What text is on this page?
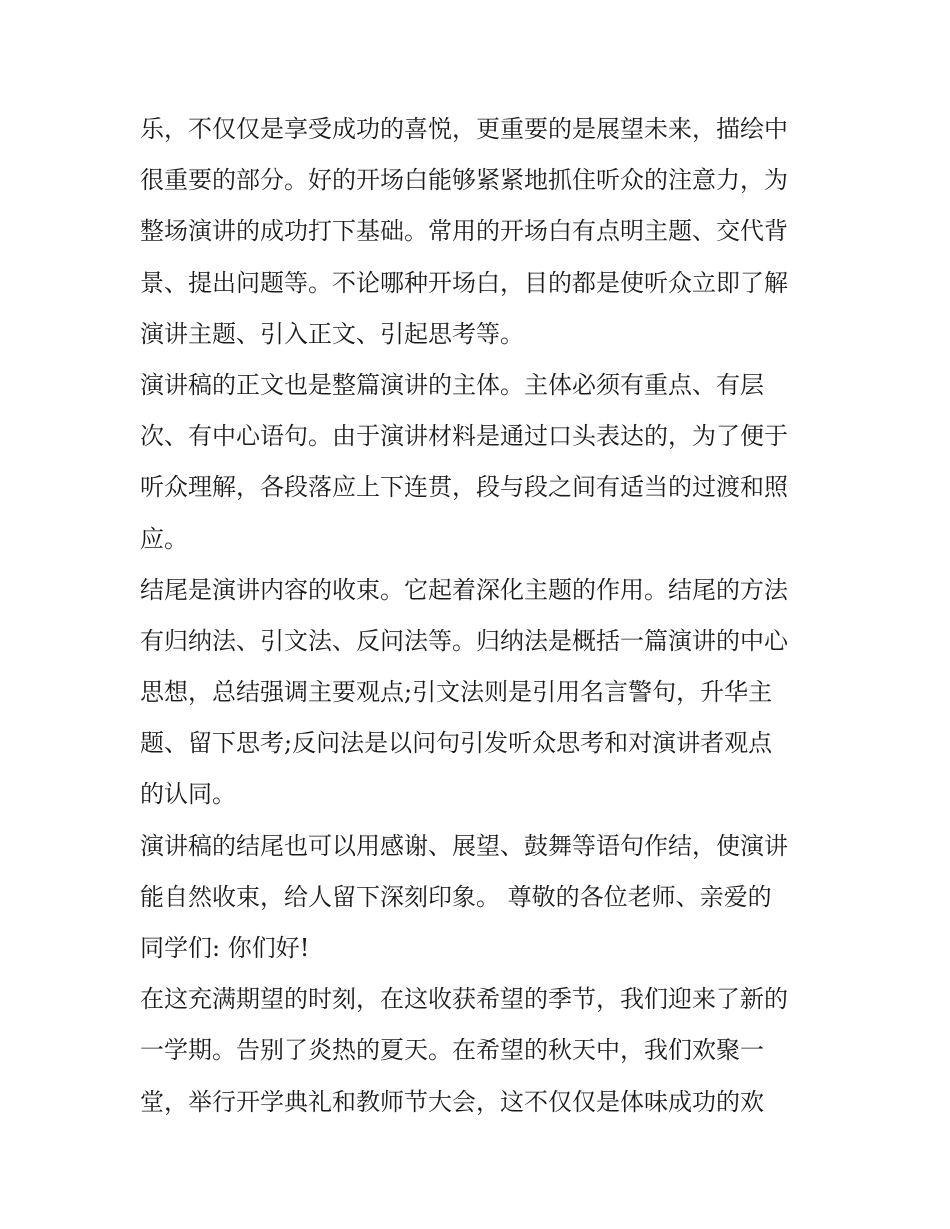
乐，不仅仅是享受成功的喜悦，更重要的是展望未来，描绘中
很重要的部分。好的开场白能够紧紧地抓住听众的注意力，为
整场演讲的成功打下基础。常用的开场白有点明主题、交代背
景、提出问题等。不论哪种开场白，目的都是使听众立即了解
演讲主题、引入正文、引起思考等。
演讲稿的正文也是整篇演讲的主体。主体必须有重点、有层
次、有中心语句。由于演讲材料是通过口头表达的，为了便于
听众理解，各段落应上下连贯，段与段之间有适当的过渡和照
应。
结尾是演讲内容的收束。它起着深化主题的作用。结尾的方法
有归纳法、引文法、反问法等。归纳法是概括一篇演讲的中心
思想，总结强调主要观点;引文法则是引用名言警句，升华主
题、留下思考;反问法是以问句引发听众思考和对演讲者观点
的认同。
演讲稿的结尾也可以用感谢、展望、鼓舞等语句作结，使演讲
能自然收束，给人留下深刻印象。 尊敬的各位老师、亲爱的
同学们: 你们好!
在这充满期望的时刻，在这收获希望的季节，我们迎来了新的
一学期。告别了炎热的夏天。在希望的秋天中，我们欢聚一
堂，举行开学典礼和教师节大会，这不仅仅是体味成功的欢
